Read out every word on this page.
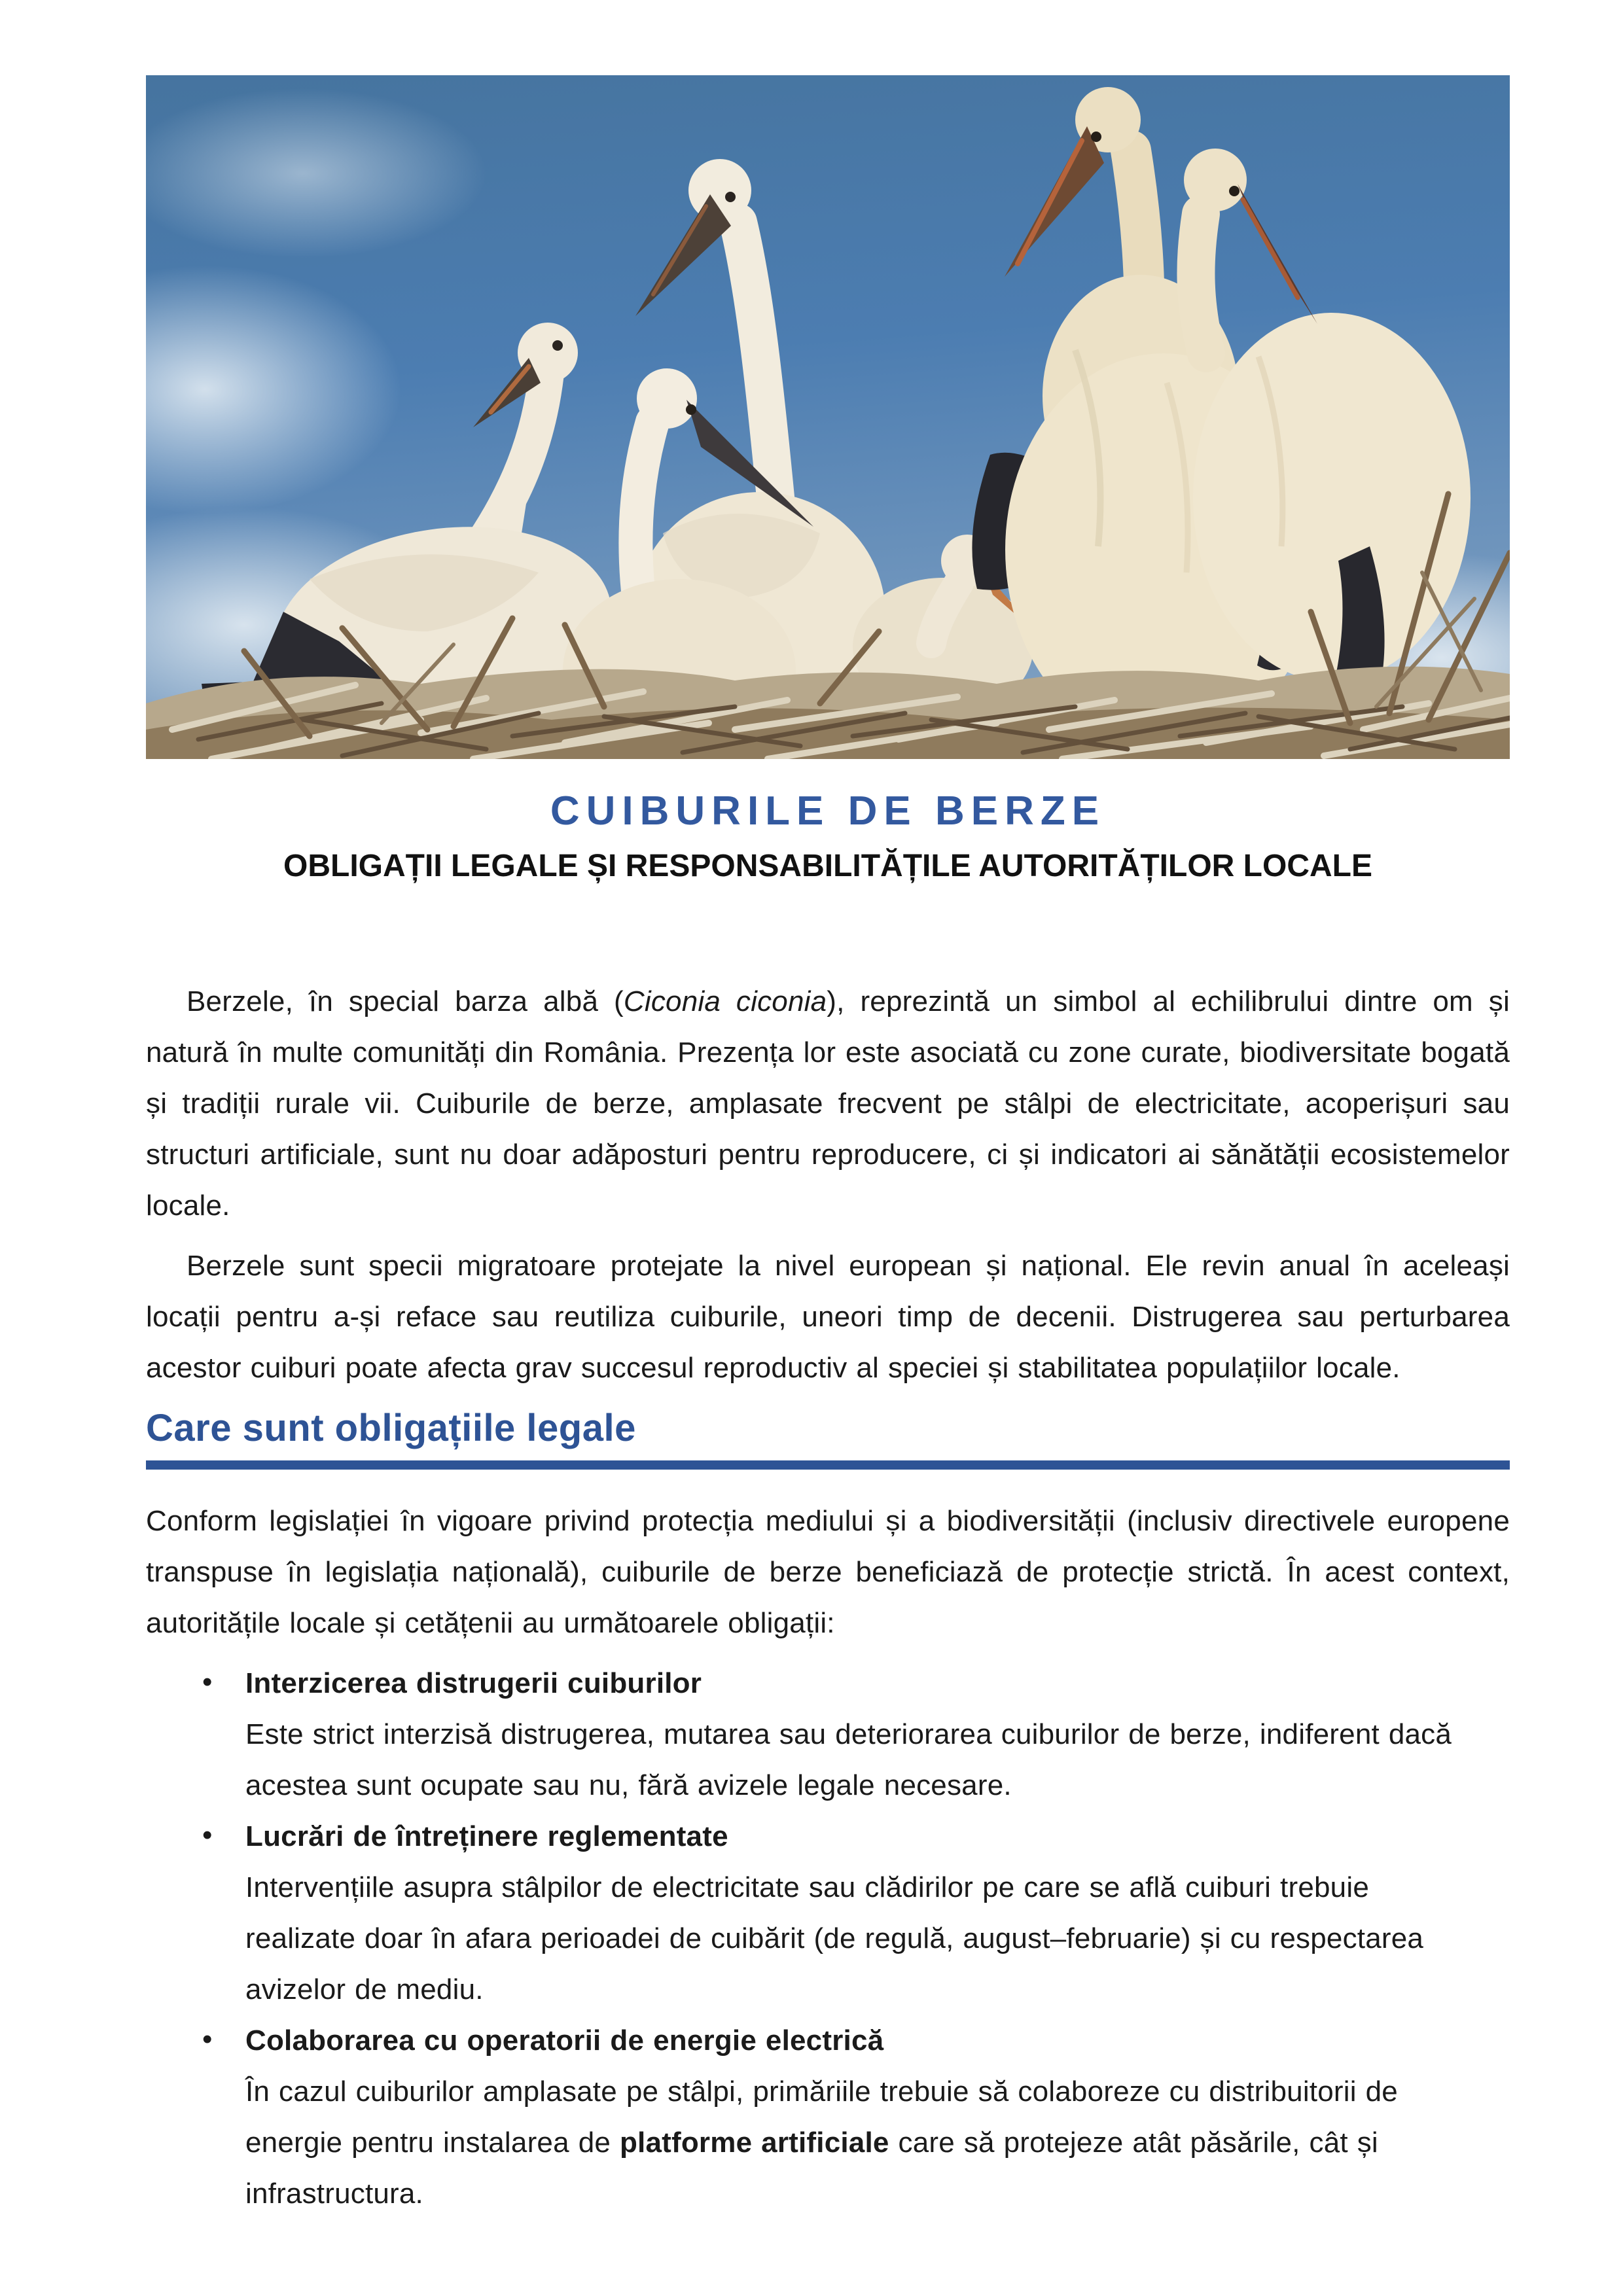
CUIBURILE DE BERZE
OBLIGAȚII LEGALE ȘI RESPONSABILITĂȚILE AUTORITĂȚILOR LOCALE

Berzele, în special barza albă (Ciconia ciconia), reprezintă un simbol al echilibrului dintre om și natură în multe comunități din România. Prezența lor este asociată cu zone curate, biodiversitate bogată și tradiții rurale vii. Cuiburile de berze, amplasate frecvent pe stâlpi de electricitate, acoperișuri sau structuri artificiale, sunt nu doar adăposturi pentru reproducere, ci și indicatori ai sănătății ecosistemelor locale.

Berzele sunt specii migratoare protejate la nivel european și național. Ele revin anual în aceleași locații pentru a-și reface sau reutiliza cuiburile, uneori timp de decenii. Distrugerea sau perturbarea acestor cuiburi poate afecta grav succesul reproductiv al speciei și stabilitatea populațiilor locale.

Care sunt obligațiile legale

Conform legislației în vigoare privind protecția mediului și a biodiversității (inclusiv directivele europene transpuse în legislația națională), cuiburile de berze beneficiază de protecție strictă. În acest context, autoritățile locale și cetățenii au următoarele obligații:

• Interzicerea distrugerii cuiburilor
Este strict interzisă distrugerea, mutarea sau deteriorarea cuiburilor de berze, indiferent dacă acestea sunt ocupate sau nu, fără avizele legale necesare.
• Lucrări de întreținere reglementate
Intervențiile asupra stâlpilor de electricitate sau clădirilor pe care se află cuiburi trebuie realizate doar în afara perioadei de cuibărit (de regulă, august–februarie) și cu respectarea avizelor de mediu.
• Colaborarea cu operatorii de energie electrică
În cazul cuiburilor amplasate pe stâlpi, primăriile trebuie să colaboreze cu distribuitorii de energie pentru instalarea de platforme artificiale care să protejeze atât păsările, cât și infrastructura.
